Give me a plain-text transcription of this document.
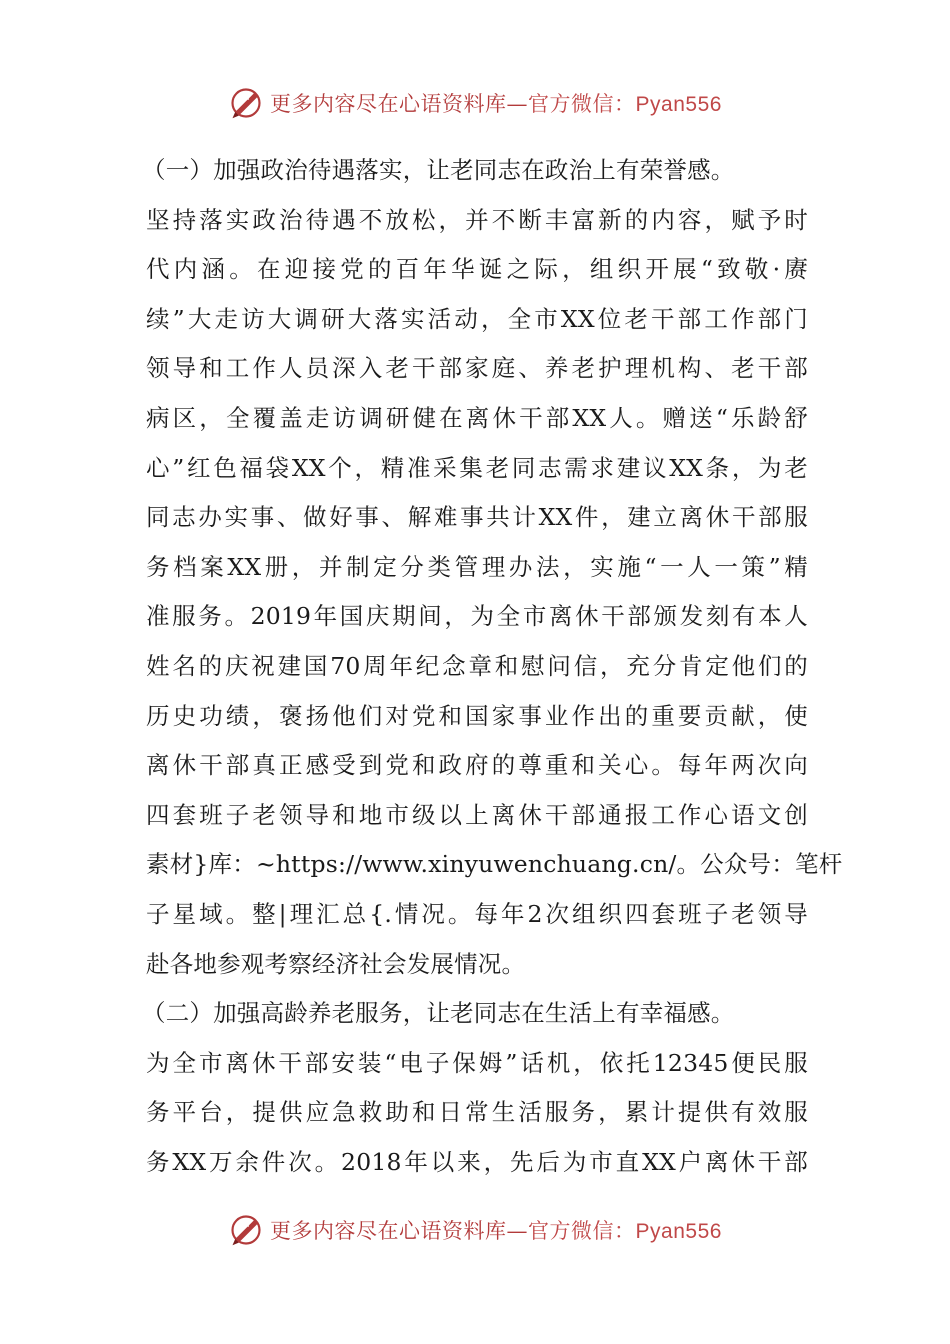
更多内容尽在心语资料库—官方微信：Pyan556
（一）加强政治待遇落实，让老同志在政治上有荣誉感。
坚持落实政治待遇不放松，并不断丰富新的内容，赋予时
代内涵。在迎接党的百年华诞之际，组织开展“致敬·赓
续”大走访大调研大落实活动，全市XX位老干部工作部门
领导和工作人员深入老干部家庭、养老护理机构、老干部
病区，全覆盖走访调研健在离休干部XX人。赠送“乐龄舒
心”红色福袋XX个，精准采集老同志需求建议XX条，为老
同志办实事、做好事、解难事共计XX件，建立离休干部服
务档案XX册，并制定分类管理办法，实施“一人一策”精
准服务。2019年国庆期间，为全市离休干部颁发刻有本人
姓名的庆祝建国70周年纪念章和慰问信，充分肯定他们的
历史功绩，褒扬他们对党和国家事业作出的重要贡献，使
离休干部真正感受到党和政府的尊重和关心。每年两次向
四套班子老领导和地市级以上离休干部通报工作心语文创
素材}库：~https://www.xinyuwenchuang.cn/。公众号：笔杆
子星域。整|理汇总{.情况。每年2次组织四套班子老领导
赴各地参观考察经济社会发展情况。
（二）加强高龄养老服务，让老同志在生活上有幸福感。
为全市离休干部安装“电子保姆”话机，依托12345便民服
务平台，提供应急救助和日常生活服务，累计提供有效服
务XX万余件次。2018年以来，先后为市直XX户离休干部
更多内容尽在心语资料库—官方微信：Pyan556
